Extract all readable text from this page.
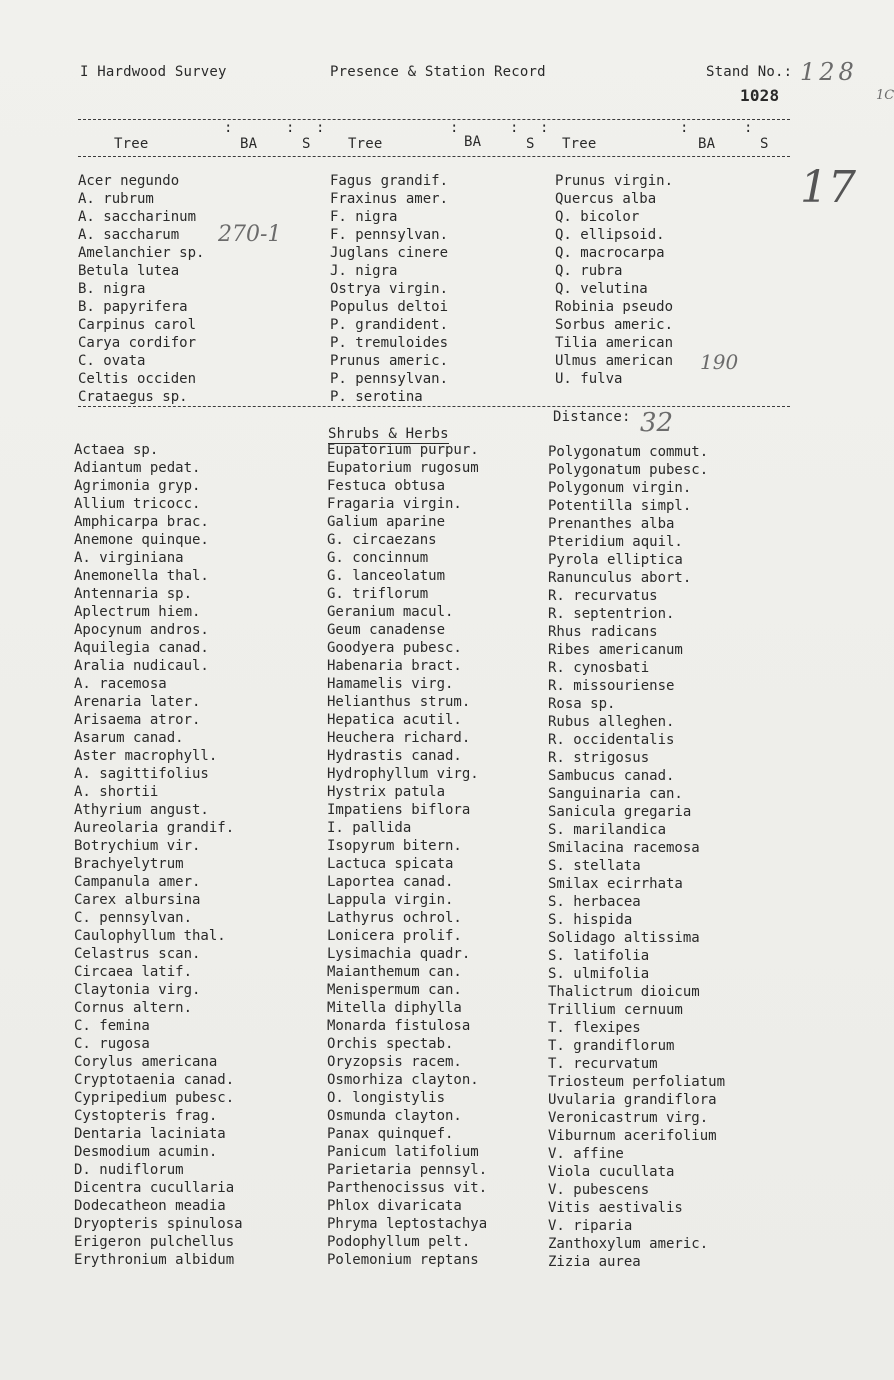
I Hardwood Survey	Presence & Station Record	Stand No.: 128
1028	1C
:	: :	:	: :	:	:
Tree	BA	S	Tree	BA	S Tree	BA	S
Acer negundo
A. rubrum
A. saccharinum
A. saccharum
Amelanchier sp.
Betula lutea
B. nigra
B. papyrifera
Carpinus carol
Carya cordifor
C. ovata
Celtis occiden
Crataegus sp.
Fagus grandif.
Fraxinus amer.
F. nigra
F. pennsylvan.
Juglans cinere
J. nigra
Ostrya virgin.
Populus deltoi
P. grandident.
P. tremuloides
Prunus americ.
P. pennsylvan.
P. serotina
Prunus virgin.
Quercus alba
Q. bicolor
Q. ellipsoid.
Q. macrocarpa
Q. rubra
Q. velutina
Robinia pseudo
Sorbus americ.
Tilia american
Ulmus american
U. fulva
270-1
190
17
Distance: 32
Shrubs & Herbs
Actaea sp.
Adiantum pedat.
Agrimonia gryp.
Allium tricocc.
Amphicarpa brac.
Anemone quinque.
A. virginiana
Anemonella thal.
Antennaria sp.
Aplectrum hiem.
Apocynum andros.
Aquilegia canad.
Aralia nudicaul.
A. racemosa
Arenaria later.
Arisaema atror.
Asarum canad.
Aster macrophyll.
A. sagittifolius
A. shortii
Athyrium angust.
Aureolaria grandif.
Botrychium vir.
Brachyelytrum
Campanula amer.
Carex albursina
C. pennsylvan.
Caulophyllum thal.
Celastrus scan.
Circaea latif.
Claytonia virg.
Cornus altern.
C. femina
C. rugosa
Corylus americana
Cryptotaenia canad.
Cypripedium pubesc.
Cystopteris frag.
Dentaria laciniata
Desmodium acumin.
D. nudiflorum
Dicentra cucullaria
Dodecatheon meadia
Dryopteris spinulosa
Erigeron pulchellus
Erythronium albidum
Eupatorium purpur.
Eupatorium rugosum
Festuca obtusa
Fragaria virgin.
Galium aparine
G. circaezans
G. concinnum
G. lanceolatum
G. triflorum
Geranium macul.
Geum canadense
Goodyera pubesc.
Habenaria bract.
Hamamelis virg.
Helianthus strum.
Hepatica acutil.
Heuchera richard.
Hydrastis canad.
Hydrophyllum virg.
Hystrix patula
Impatiens biflora
I. pallida
Isopyrum bitern.
Lactuca spicata
Laportea canad.
Lappula virgin.
Lathyrus ochrol.
Lonicera prolif.
Lysimachia quadr.
Maianthemum can.
Menispermum can.
Mitella diphylla
Monarda fistulosa
Orchis spectab.
Oryzopsis racem.
Osmorhiza clayton.
O. longistylis
Osmunda clayton.
Panax quinquef.
Panicum latifolium
Parietaria pennsyl.
Parthenocissus vit.
Phlox divaricata
Phryma leptostachya
Podophyllum pelt.
Polemonium reptans
Polygonatum commut.
Polygonatum pubesc.
Polygonum virgin.
Potentilla simpl.
Prenanthes alba
Pteridium aquil.
Pyrola elliptica
Ranunculus abort.
R. recurvatus
R. septentrion.
Rhus radicans
Ribes americanum
R. cynosbati
R. missouriense
Rosa sp.
Rubus alleghen.
R. occidentalis
R. strigosus
Sambucus canad.
Sanguinaria can.
Sanicula gregaria
S. marilandica
Smilacina racemosa
S. stellata
Smilax ecirrhata
S. herbacea
S. hispida
Solidago altissima
S. latifolia
S. ulmifolia
Thalictrum dioicum
Trillium cernuum
T. flexipes
T. grandiflorum
T. recurvatum
Triosteum perfoliatum
Uvularia grandiflora
Veronicastrum virg.
Viburnum acerifolium
V. affine
Viola cucullata
V. pubescens
Vitis aestivalis
V. riparia
Zanthoxylum americ.
Zizia aurea
